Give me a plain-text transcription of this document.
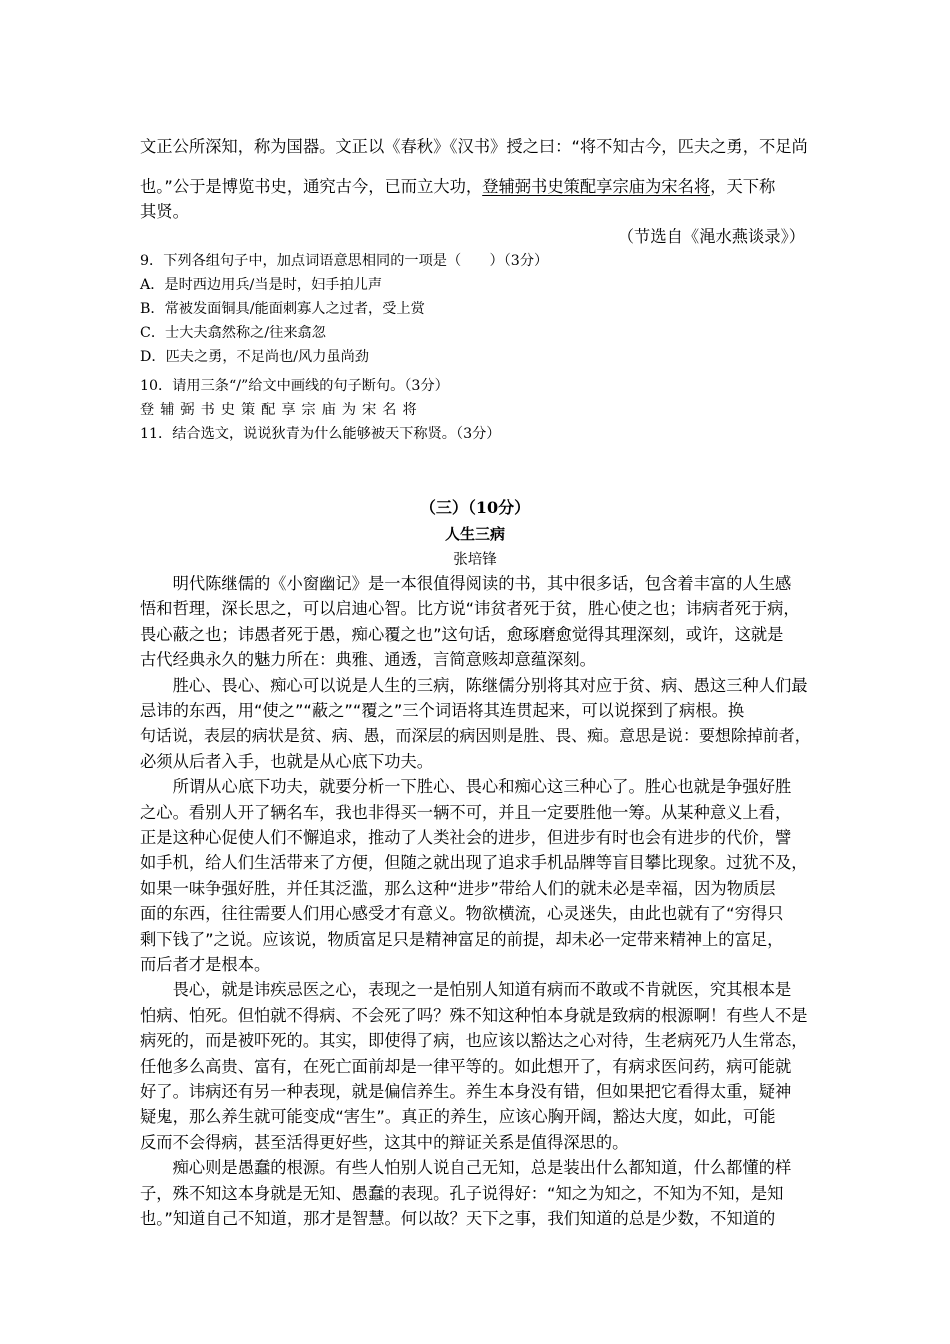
文正公所深知，称为国器。文正以《春秋》《汉书》授之曰：“将不知古今，匹夫之勇，不足尚
也。”公于是博览书史，通究古今，已而立大功，登辅弼书史策配享宗庙为宋名将，天下称
其贤。
（节选自《渑水燕谈录》）
9．下列各组句子中，加点词语意思相同的一项是（　　）（3分）
A．是时西边用兵/当是时，妇手拍儿声
B．常被发面铜具/能面刺寡人之过者，受上赏
C．士大夫翕然称之/往来翕忽
D．匹夫之勇，不足尚也/风力虽尚劲
10．请用三条“/”给文中画线的句子断句。（3分）
登辅弼书史策配享宗庙为宋名将
11．结合选文，说说狄青为什么能够被天下称贤。（3分）
（三）（10分）
人生三病
张培锋
　　明代陈继儒的《小窗幽记》是一本很值得阅读的书，其中很多话，包含着丰富的人生感
悟和哲理，深长思之，可以启迪心智。比方说“讳贫者死于贫，胜心使之也；讳病者死于病，
畏心蔽之也；讳愚者死于愚，痴心覆之也”这句话，愈琢磨愈觉得其理深刻，或许，这就是
古代经典永久的魅力所在：典雅、通透，言简意赅却意蕴深刻。
　　胜心、畏心、痴心可以说是人生的三病，陈继儒分别将其对应于贫、病、愚这三种人们最
忌讳的东西，用“使之”“蔽之”“覆之”三个词语将其连贯起来，可以说探到了病根。换
句话说，表层的病状是贫、病、愚，而深层的病因则是胜、畏、痴。意思是说：要想除掉前者，
必须从后者入手，也就是从心底下功夫。
　　所谓从心底下功夫，就要分析一下胜心、畏心和痴心这三种心了。胜心也就是争强好胜
之心。看别人开了辆名车，我也非得买一辆不可，并且一定要胜他一筹。从某种意义上看，
正是这种心促使人们不懈追求，推动了人类社会的进步，但进步有时也会有进步的代价，譬
如手机，给人们生活带来了方便，但随之就出现了追求手机品牌等盲目攀比现象。过犹不及，
如果一味争强好胜，并任其泛滥，那么这种“进步”带给人们的就未必是幸福，因为物质层
面的东西，往往需要人们用心感受才有意义。物欲横流，心灵迷失，由此也就有了“穷得只
剩下钱了”之说。应该说，物质富足只是精神富足的前提，却未必一定带来精神上的富足，
而后者才是根本。
　　畏心，就是讳疾忌医之心，表现之一是怕别人知道有病而不敢或不肯就医，究其根本是
怕病、怕死。但怕就不得病、不会死了吗？殊不知这种怕本身就是致病的根源啊！有些人不是
病死的，而是被吓死的。其实，即使得了病，也应该以豁达之心对待，生老病死乃人生常态，
任他多么高贵、富有，在死亡面前却是一律平等的。如此想开了，有病求医问药，病可能就
好了。讳病还有另一种表现，就是偏信养生。养生本身没有错，但如果把它看得太重，疑神
疑鬼，那么养生就可能变成“害生”。真正的养生，应该心胸开阔，豁达大度，如此，可能
反而不会得病，甚至活得更好些，这其中的辩证关系是值得深思的。
　　痴心则是愚蠢的根源。有些人怕别人说自己无知，总是装出什么都知道，什么都懂的样
子，殊不知这本身就是无知、愚蠢的表现。孔子说得好：“知之为知之，不知为不知，是知
也。”知道自己不知道，那才是智慧。何以故？天下之事，我们知道的总是少数，不知道的
